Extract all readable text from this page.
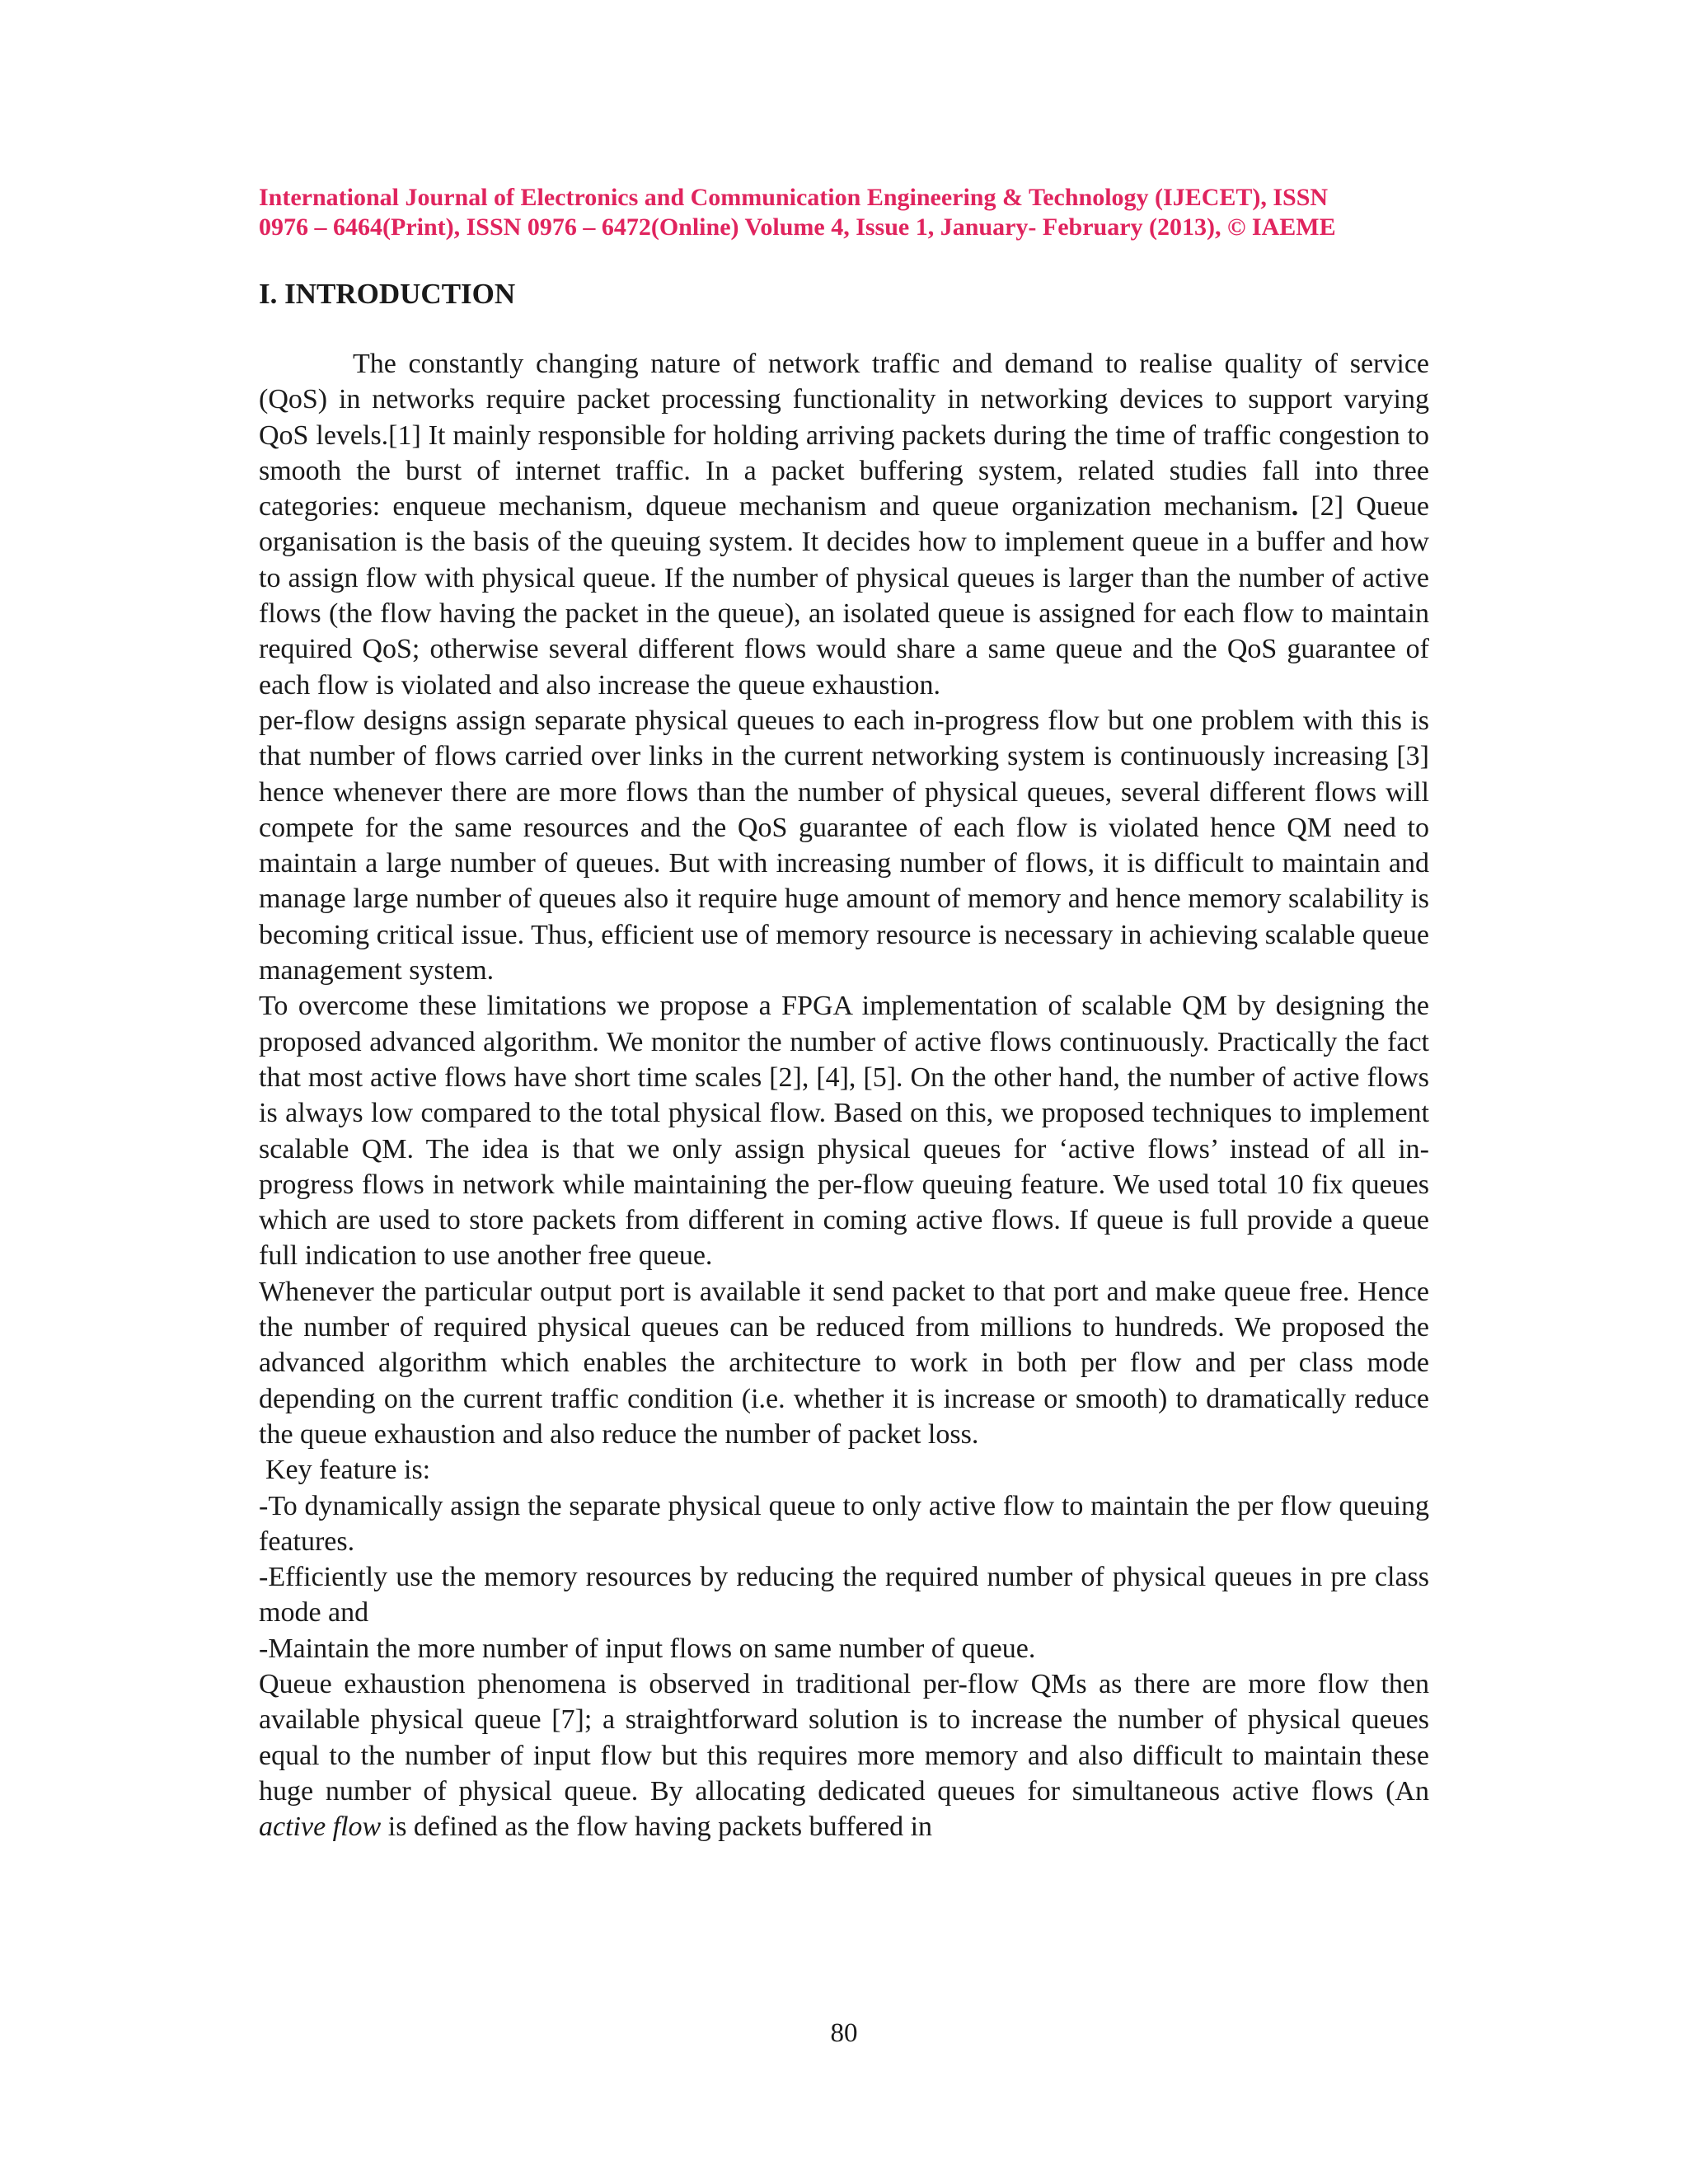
International Journal of Electronics and Communication Engineering & Technology (IJECET), ISSN
0976 – 6464(Print), ISSN 0976 – 6472(Online) Volume 4, Issue 1, January- February (2013), © IAEME
I. INTRODUCTION

The constantly changing nature of network traffic and demand to realise quality of service (QoS) in networks require packet processing functionality in networking devices to support varying QoS levels.[1] It mainly responsible for holding arriving packets during the time of traffic congestion to smooth the burst of internet traffic. In a packet buffering system, related studies fall into three categories: enqueue mechanism, dqueue mechanism and queue organization mechanism. [2] Queue organisation is the basis of the queuing system. It decides how to implement queue in a buffer and how to assign flow with physical queue. If the number of physical queues is larger than the number of active flows (the flow having the packet in the queue), an isolated queue is assigned for each flow to maintain required QoS; otherwise several different flows would share a same queue and the QoS guarantee of each flow is violated and also increase the queue exhaustion.

per-flow designs assign separate physical queues to each in-progress flow but one problem with this is that number of flows carried over links in the current networking system is continuously increasing [3] hence whenever there are more flows than the number of physical queues, several different flows will compete for the same resources and the QoS guarantee of each flow is violated hence QM need to maintain a large number of queues. But with increasing number of flows, it is difficult to maintain and manage large number of queues also it require huge amount of memory and hence memory scalability is becoming critical issue. Thus, efficient use of memory resource is necessary in achieving scalable queue management system.

To overcome these limitations we propose a FPGA implementation of scalable QM by designing the proposed advanced algorithm. We monitor the number of active flows continuously. Practically the fact that most active flows have short time scales [2], [4], [5]. On the other hand, the number of active flows is always low compared to the total physical flow. Based on this, we proposed techniques to implement scalable QM. The idea is that we only assign physical queues for ‘active flows’ instead of all in-progress flows in network while maintaining the per-flow queuing feature. We used total 10 fix queues which are used to store packets from different in coming active flows. If queue is full provide a queue full indication to use another free queue.

Whenever the particular output port is available it send packet to that port and make queue free. Hence the number of required physical queues can be reduced from millions to hundreds. We proposed the advanced algorithm which enables the architecture to work in both per flow and per class mode depending on the current traffic condition (i.e. whether it is increase or smooth) to dramatically reduce the queue exhaustion and also reduce the number of packet loss.

Key feature is:

-To dynamically assign the separate physical queue to only active flow to maintain the per flow queuing features.

-Efficiently use the memory resources by reducing the required number of physical queues in pre class mode and

-Maintain the more number of input flows on same number of queue.

Queue exhaustion phenomena is observed in traditional per-flow QMs as there are more flow then available physical queue [7]; a straightforward solution is to increase the number of physical queues equal to the number of input flow but this requires more memory and also difficult to maintain these huge number of physical queue. By allocating dedicated queues for simultaneous active flows (An active flow is defined as the flow having packets buffered in

80
